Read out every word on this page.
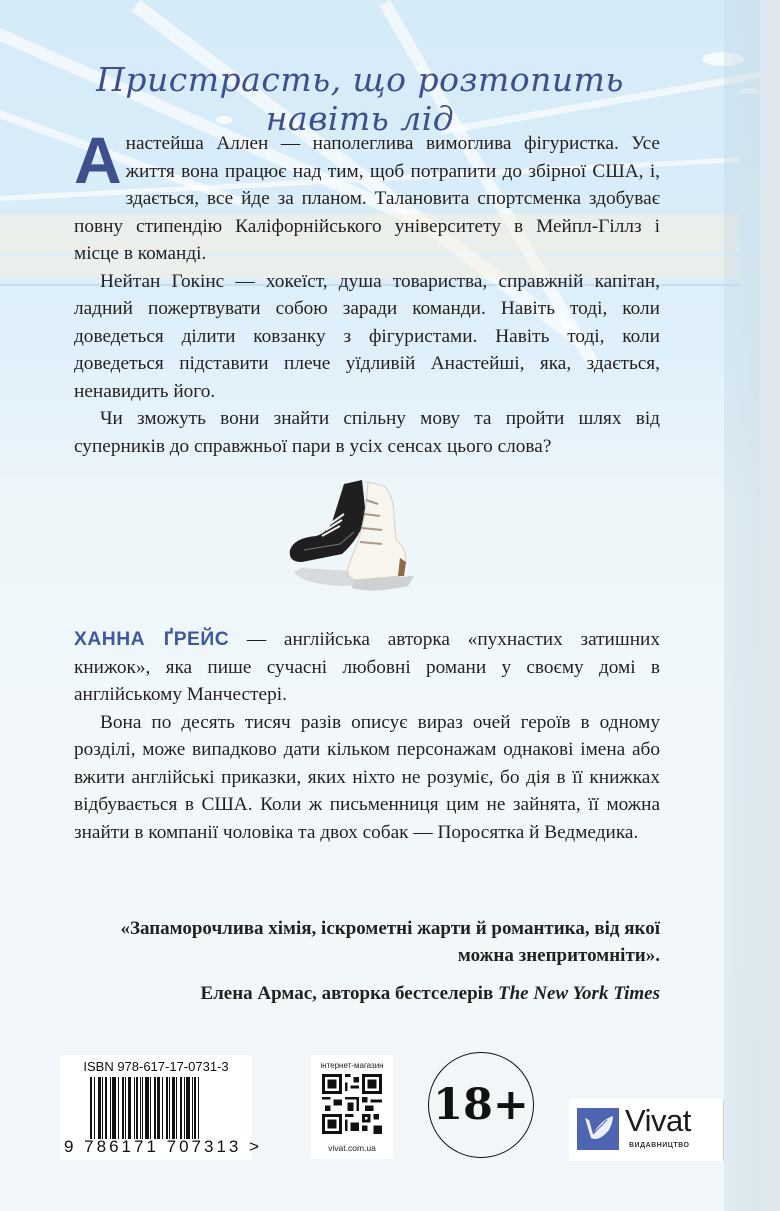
Пристрасть, що розтопить навіть лід

Анастейша Аллен — наполеглива вимоглива фігуристка. Усе життя вона працює над тим, щоб потрапити до збірної США, і, здається, все йде за планом. Талановита спортсменка здобуває повну стипендію Каліфорнійського університету в Мейпл-Гіллз і місце в команді.

Нейтан Гокінс — хокеїст, душа товариства, справжній капітан, ладний пожертвувати собою заради команди. Навіть тоді, коли доведеться ділити ковзанку з фігуристами. Навіть тоді, коли доведеться підставити плече уїдливій Анастейші, яка, здається, ненавидить його.

Чи зможуть вони знайти спільну мову та пройти шлях від суперників до справжньої пари в усіх сенсах цього слова?

ХАННА ҐРЕЙС — англійська авторка «пухнастих затишних книжок», яка пише сучасні любовні романи у своєму домі в англійському Манчестері.

Вона по десять тисяч разів описує вираз очей героїв в одному розділі, може випадково дати кільком персонажам однакові імена або вжити англійські приказки, яких ніхто не розуміє, бо дія в її книжках відбувається в США. Коли ж письменниця цим не зайнята, її можна знайти в компанії чоловіка та двох собак — Поросятка й Ведмедика.

«Запаморочлива хімія, іскрометні жарти й романтика, від якої можна знепритомніти».

Елена Армас, авторка бестселерів The New York Times

ISBN 978-617-17-0731-3
9 786171 707313 >
інтернет-магазин
vivat.com.ua
18+	Vivat
ВИДАВНИЦТВО
